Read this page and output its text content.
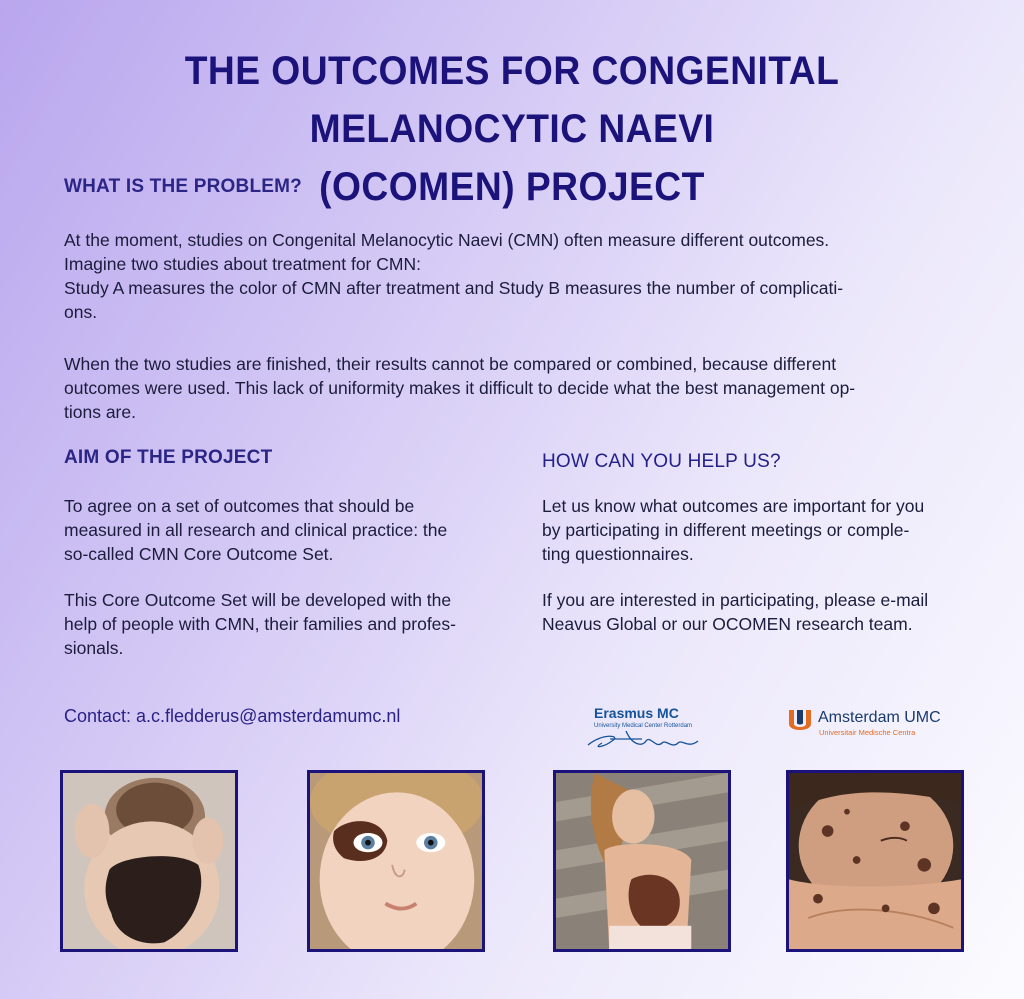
THE OUTCOMES FOR CONGENITAL MELANOCYTIC NAEVI
(OCOMEN) PROJECT
WHAT IS THE PROBLEM?
At the moment, studies on Congenital Melanocytic Naevi (CMN) often measure different outcomes.
Imagine two studies about treatment for CMN:
Study A measures the color of CMN after treatment and Study B measures the number of complicati-
ons.
When the two studies are finished, their results cannot be compared or combined, because different
outcomes were used. This lack of uniformity makes it difficult to decide what the best management op-
tions are.
AIM OF THE PROJECT
To agree on a set of outcomes that should be
measured in all research and clinical practice: the
so-called CMN Core Outcome Set.
This Core Outcome Set will be developed with the
help of people with CMN, their families and profes-
sionals.
HOW CAN YOU HELP US?
Let us know what outcomes are important for you
by participating in different meetings or comple-
ting questionnaires.
If you are interested in participating, please e-mail
Neavus Global or our OCOMEN research team.
Contact: a.c.fledderus@amsterdamumc.nl	Erasmus MC
University Medical Center Rotterdam	Amsterdam UMC
Universitair Medische Centra
